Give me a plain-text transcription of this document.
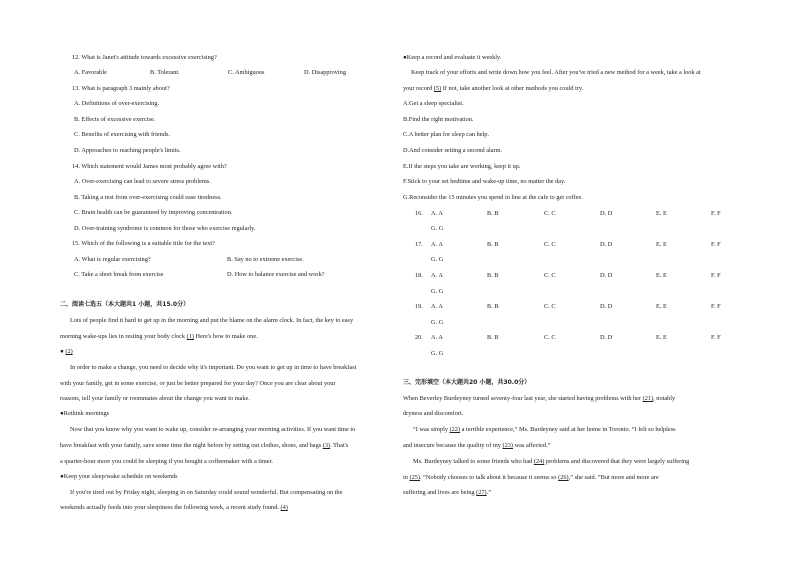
12. What is Janet's attitude towards excessive exercising?
A. Favorable	B. Tolerant.	C. Ambiguous	D. Disapproving
13. What is paragraph 3 mainly about?
A. Definitions of over-exercising.
B. Effects of excessive exercise.
C. Benefits of exercising with friends.
D. Approaches to reaching people's limits.
14. Which statement would James most probably agree with?
A. Over-exercising can lead to severe stress problems.
B. Taking a rest from over-exercising could ease tiredness.
C. Brain health can be guaranteed by improving concentration.
D. Over-training syndrome is common for those who exercise regularly.
15. Which of the following is a suitable title for the text?
A. What is regular exercising?	B. Say no to extreme exercise.
C. Take a short break from exercise	D. How to balance exercise and work?
二、阅读七选五（本大题共1 小题，共15.0分）
Lots of people find it hard to get up in the morning and put the blame on the alarm clock. In fact, the key to easy
morning wake-ups lies in resting your body clock (1) Here's how to make one.
● (2)
In order to make a change, you need to decide why it's important. Do you want to get up in time to have breakfast
with your family, get in some exercise, or just be better prepared for your day? Once you are clear about your
reasons, tell your family or roommates about the change you want to make.
●Rethink mornings
Now that you know why you want to wake up, consider re-arranging your morning activities. If you want time to
have breakfast with your family, save some time the night before by setting out clothes, shoes, and bags (3). That's
a quarter-hour more you could be sleeping if you bought a coffeemaker with a timer.
●Keep your sleep/wake schedule on weekends
If you're tired out by Friday night, sleeping in on Saturday could sound wonderful. But compensating on the
weekends actually feeds into your sleepiness the following week, a recent study found. (4)
●Keep a record and evaluate it weekly.
Keep track of your efforts and write down how you feel. After you've tried a new method for a week, take a look at
your record (5) If not, take another look at other methods you could try.
A.Get a sleep specialist.
B.Find the right motivation.
C.A better plan for sleep can help.
D.And consider setting a second alarm.
E.If the steps you take are working, keep it up.
F.Stick to your set bedtime and wake-up time, no matter the day.
G.Reconsider the 15 minutes you spend in line at the cafe to get coffee.
16. A. A	B. B	C. C	D. D	E. E	F. F
G. G
17. A. A	B. B	C. C	D. D	E. E	F. F
G. G
18. A. A	B. B	C. C	D. D	E. E	F. F
G. G
19. A. A	B. B	C. C	D. D	E. E	F. F
G. G
20. A. A	B. B	C. C	D. D	E. E	F. F
G. G
三、完形填空（本大题共20 小题，共30.0分）
When Beverley Burdeyney turned seventy-four last year, she started having problems with her (21), notably
dryness and discomfort.
“I was simply (22) a terrible experience,” Ms. Burdeyney said at her home in Toronto. “I felt so helpless
and insecure because the quality of my (23) was affected.”
Ms. Burdeyney talked to some friends who had (24) problems and discovered that they were largely suffering
in (25). “Nobody chooses to talk about it because it seems so (26),” she said. “But more and more are
suffering and lives are being (27).”
